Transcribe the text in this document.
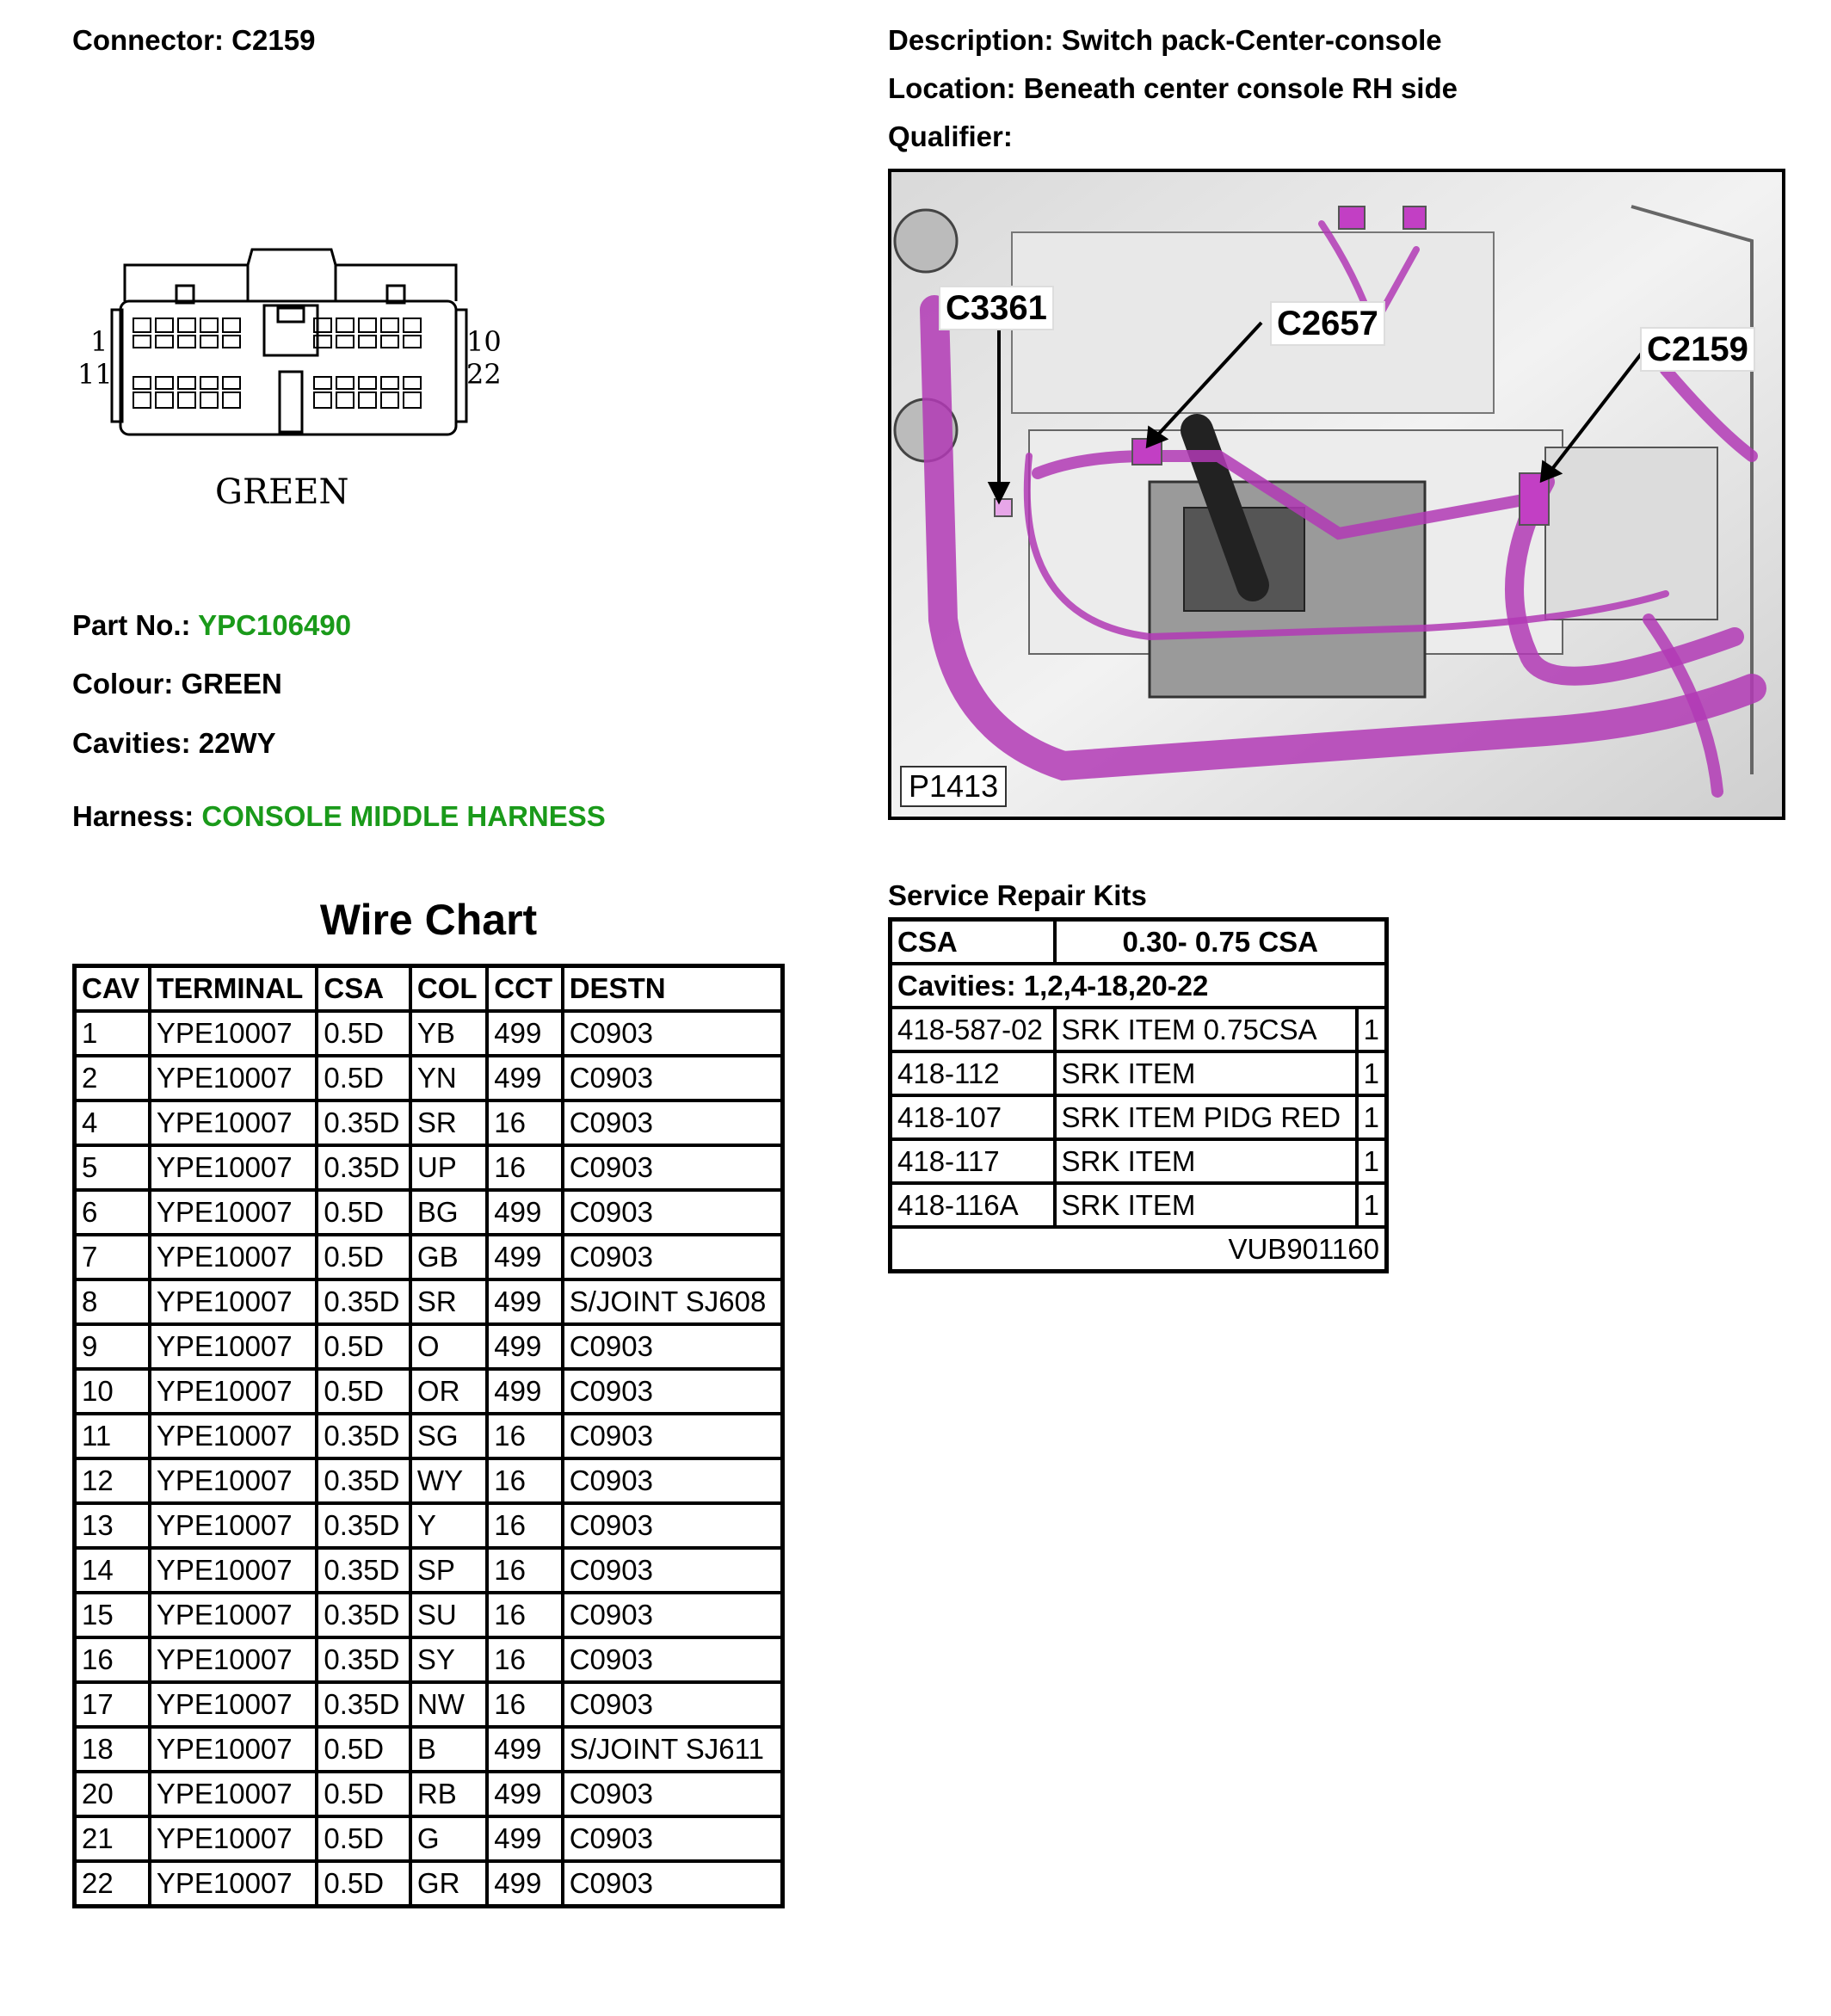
Connector: C2159	Description: Switch pack-Center-console
Location: Beneath center console RH side
Qualifier:
1
11
10
22
GREEN
Part No.: YPC106490
Colour: GREEN
Cavities: 22WY
Harness: CONSOLE MIDDLE HARNESS
C3361	C2657
C2159
P1413
Wire Chart
CAV	TERMINAL	CSA	COL	CCT	DESTN
1	YPE10007	0.5D	YB	499	C0903
2	YPE10007	0.5D	YN	499	C0903
4	YPE10007	0.35D	SR	16	C0903
5	YPE10007	0.35D	UP	16	C0903
6	YPE10007	0.5D	BG	499	C0903
7	YPE10007	0.5D	GB	499	C0903
8	YPE10007	0.35D	SR	499	S/JOINT SJ608
9	YPE10007	0.5D	O	499	C0903
10	YPE10007	0.5D	OR	499	C0903
11	YPE10007	0.35D	SG	16	C0903
12	YPE10007	0.35D	WY	16	C0903
13	YPE10007	0.35D	Y	16	C0903
14	YPE10007	0.35D	SP	16	C0903
15	YPE10007	0.35D	SU	16	C0903
16	YPE10007	0.35D	SY	16	C0903
17	YPE10007	0.35D	NW	16	C0903
18	YPE10007	0.5D	B	499	S/JOINT SJ611
20	YPE10007	0.5D	RB	499	C0903
21	YPE10007	0.5D	G	499	C0903
22	YPE10007	0.5D	GR	499	C0903
Service Repair Kits
CSA	0.30- 0.75 CSA	
Cavities: 1,2,4-18,20-22		
418-587-02	SRK ITEM 0.75CSA	1
418-112	SRK ITEM	1
418-107	SRK ITEM PIDG RED	1
418-117	SRK ITEM	1
418-116A	SRK ITEM	1
VUB901160		
